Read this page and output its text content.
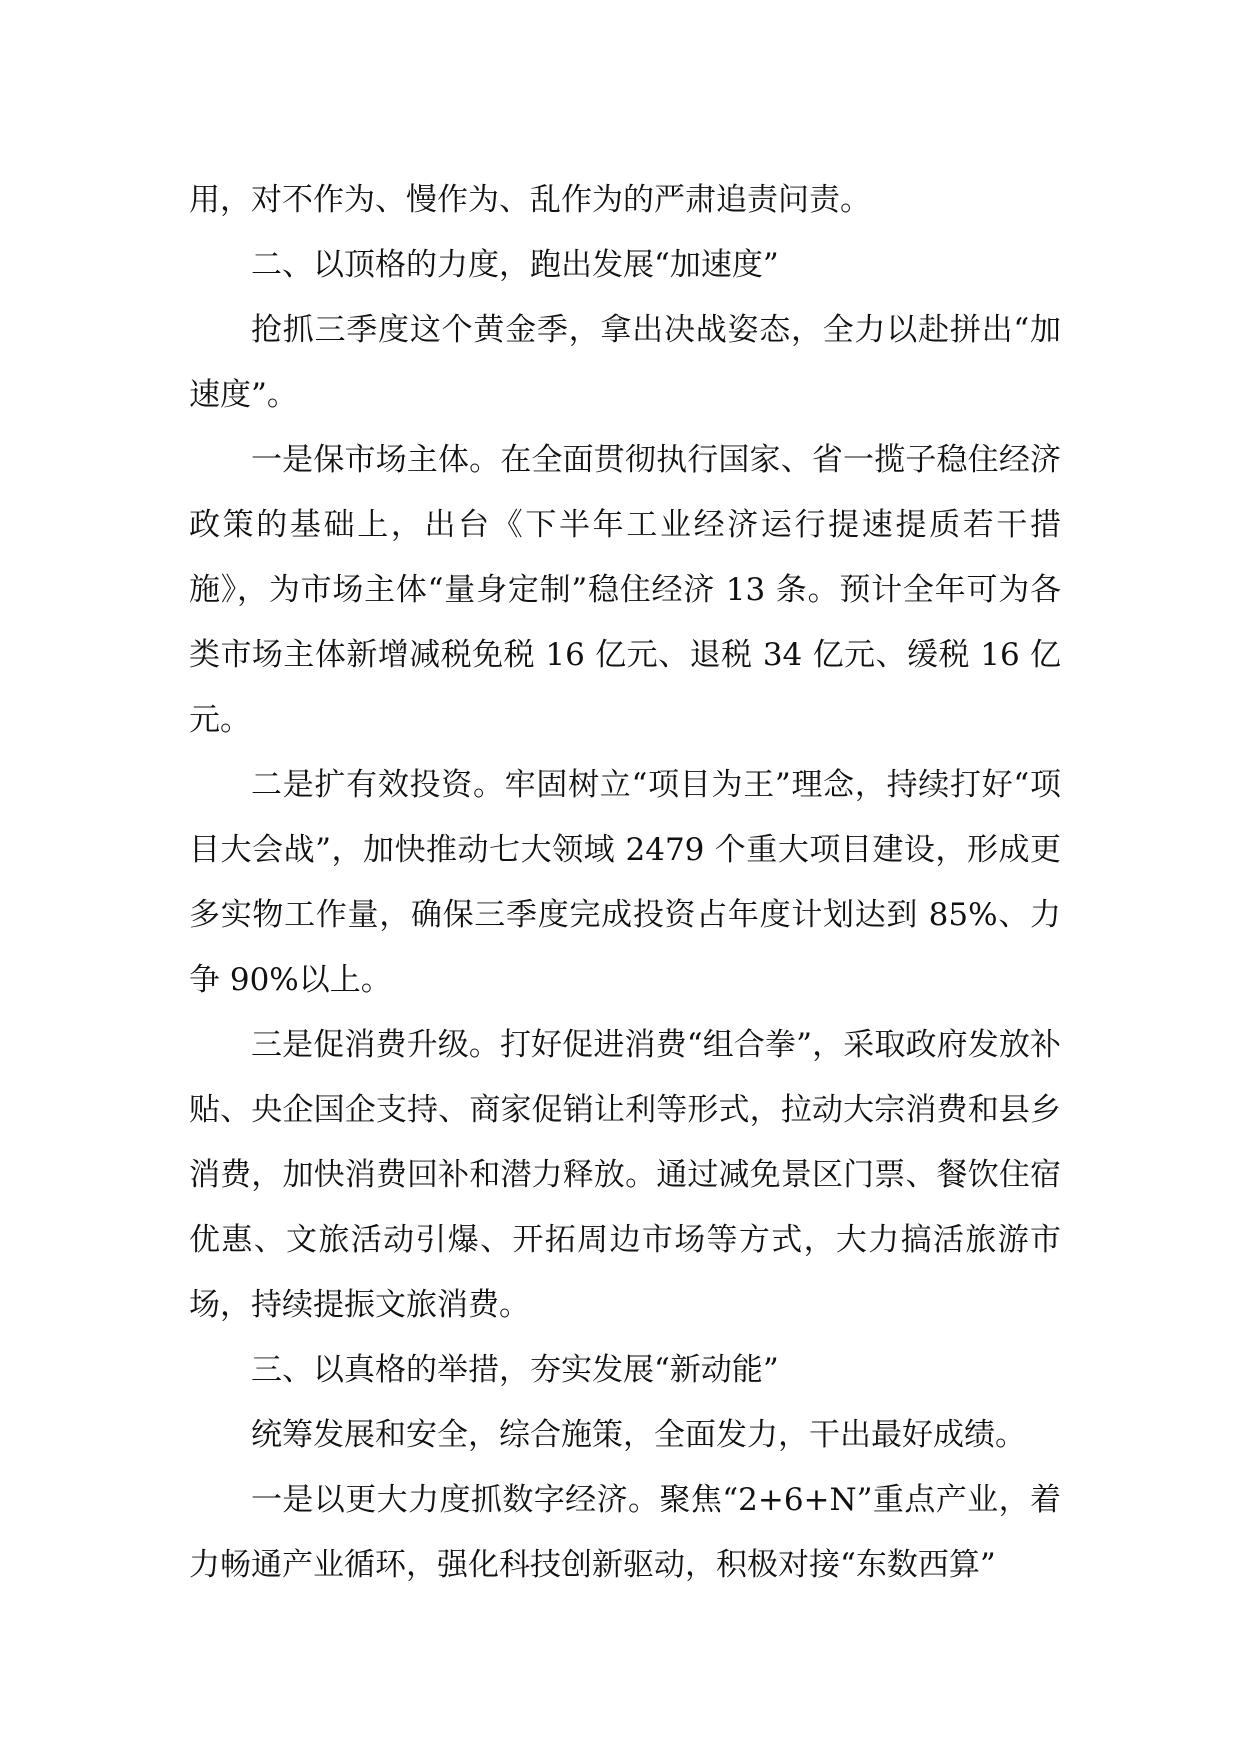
用，对不作为、慢作为、乱作为的严肃追责问责。

二、以顶格的力度，跑出发展“加速度”

抢抓三季度这个黄金季，拿出决战姿态，全力以赴拼出“加速度”。

一是保市场主体。在全面贯彻执行国家、省一揽子稳住经济政策的基础上，出台《下半年工业经济运行提速提质若干措施》，为市场主体“量身定制”稳住经济 13 条。预计全年可为各类市场主体新增减税免税 16 亿元、退税 34 亿元、缓税 16 亿元。

二是扩有效投资。牢固树立“项目为王”理念，持续打好“项目大会战”，加快推动七大领域 2479 个重大项目建设，形成更多实物工作量，确保三季度完成投资占年度计划达到 85%、力争 90%以上。

三是促消费升级。打好促进消费“组合拳”，采取政府发放补贴、央企国企支持、商家促销让利等形式，拉动大宗消费和县乡消费，加快消费回补和潜力释放。通过减免景区门票、餐饮住宿优惠、文旅活动引爆、开拓周边市场等方式，大力搞活旅游市场，持续提振文旅消费。

三、以真格的举措，夯实发展“新动能”

统筹发展和安全，综合施策，全面发力，干出最好成绩。

一是以更大力度抓数字经济。聚焦“2+6+N”重点产业，着力畅通产业循环，强化科技创新驱动，积极对接“东数西算”
